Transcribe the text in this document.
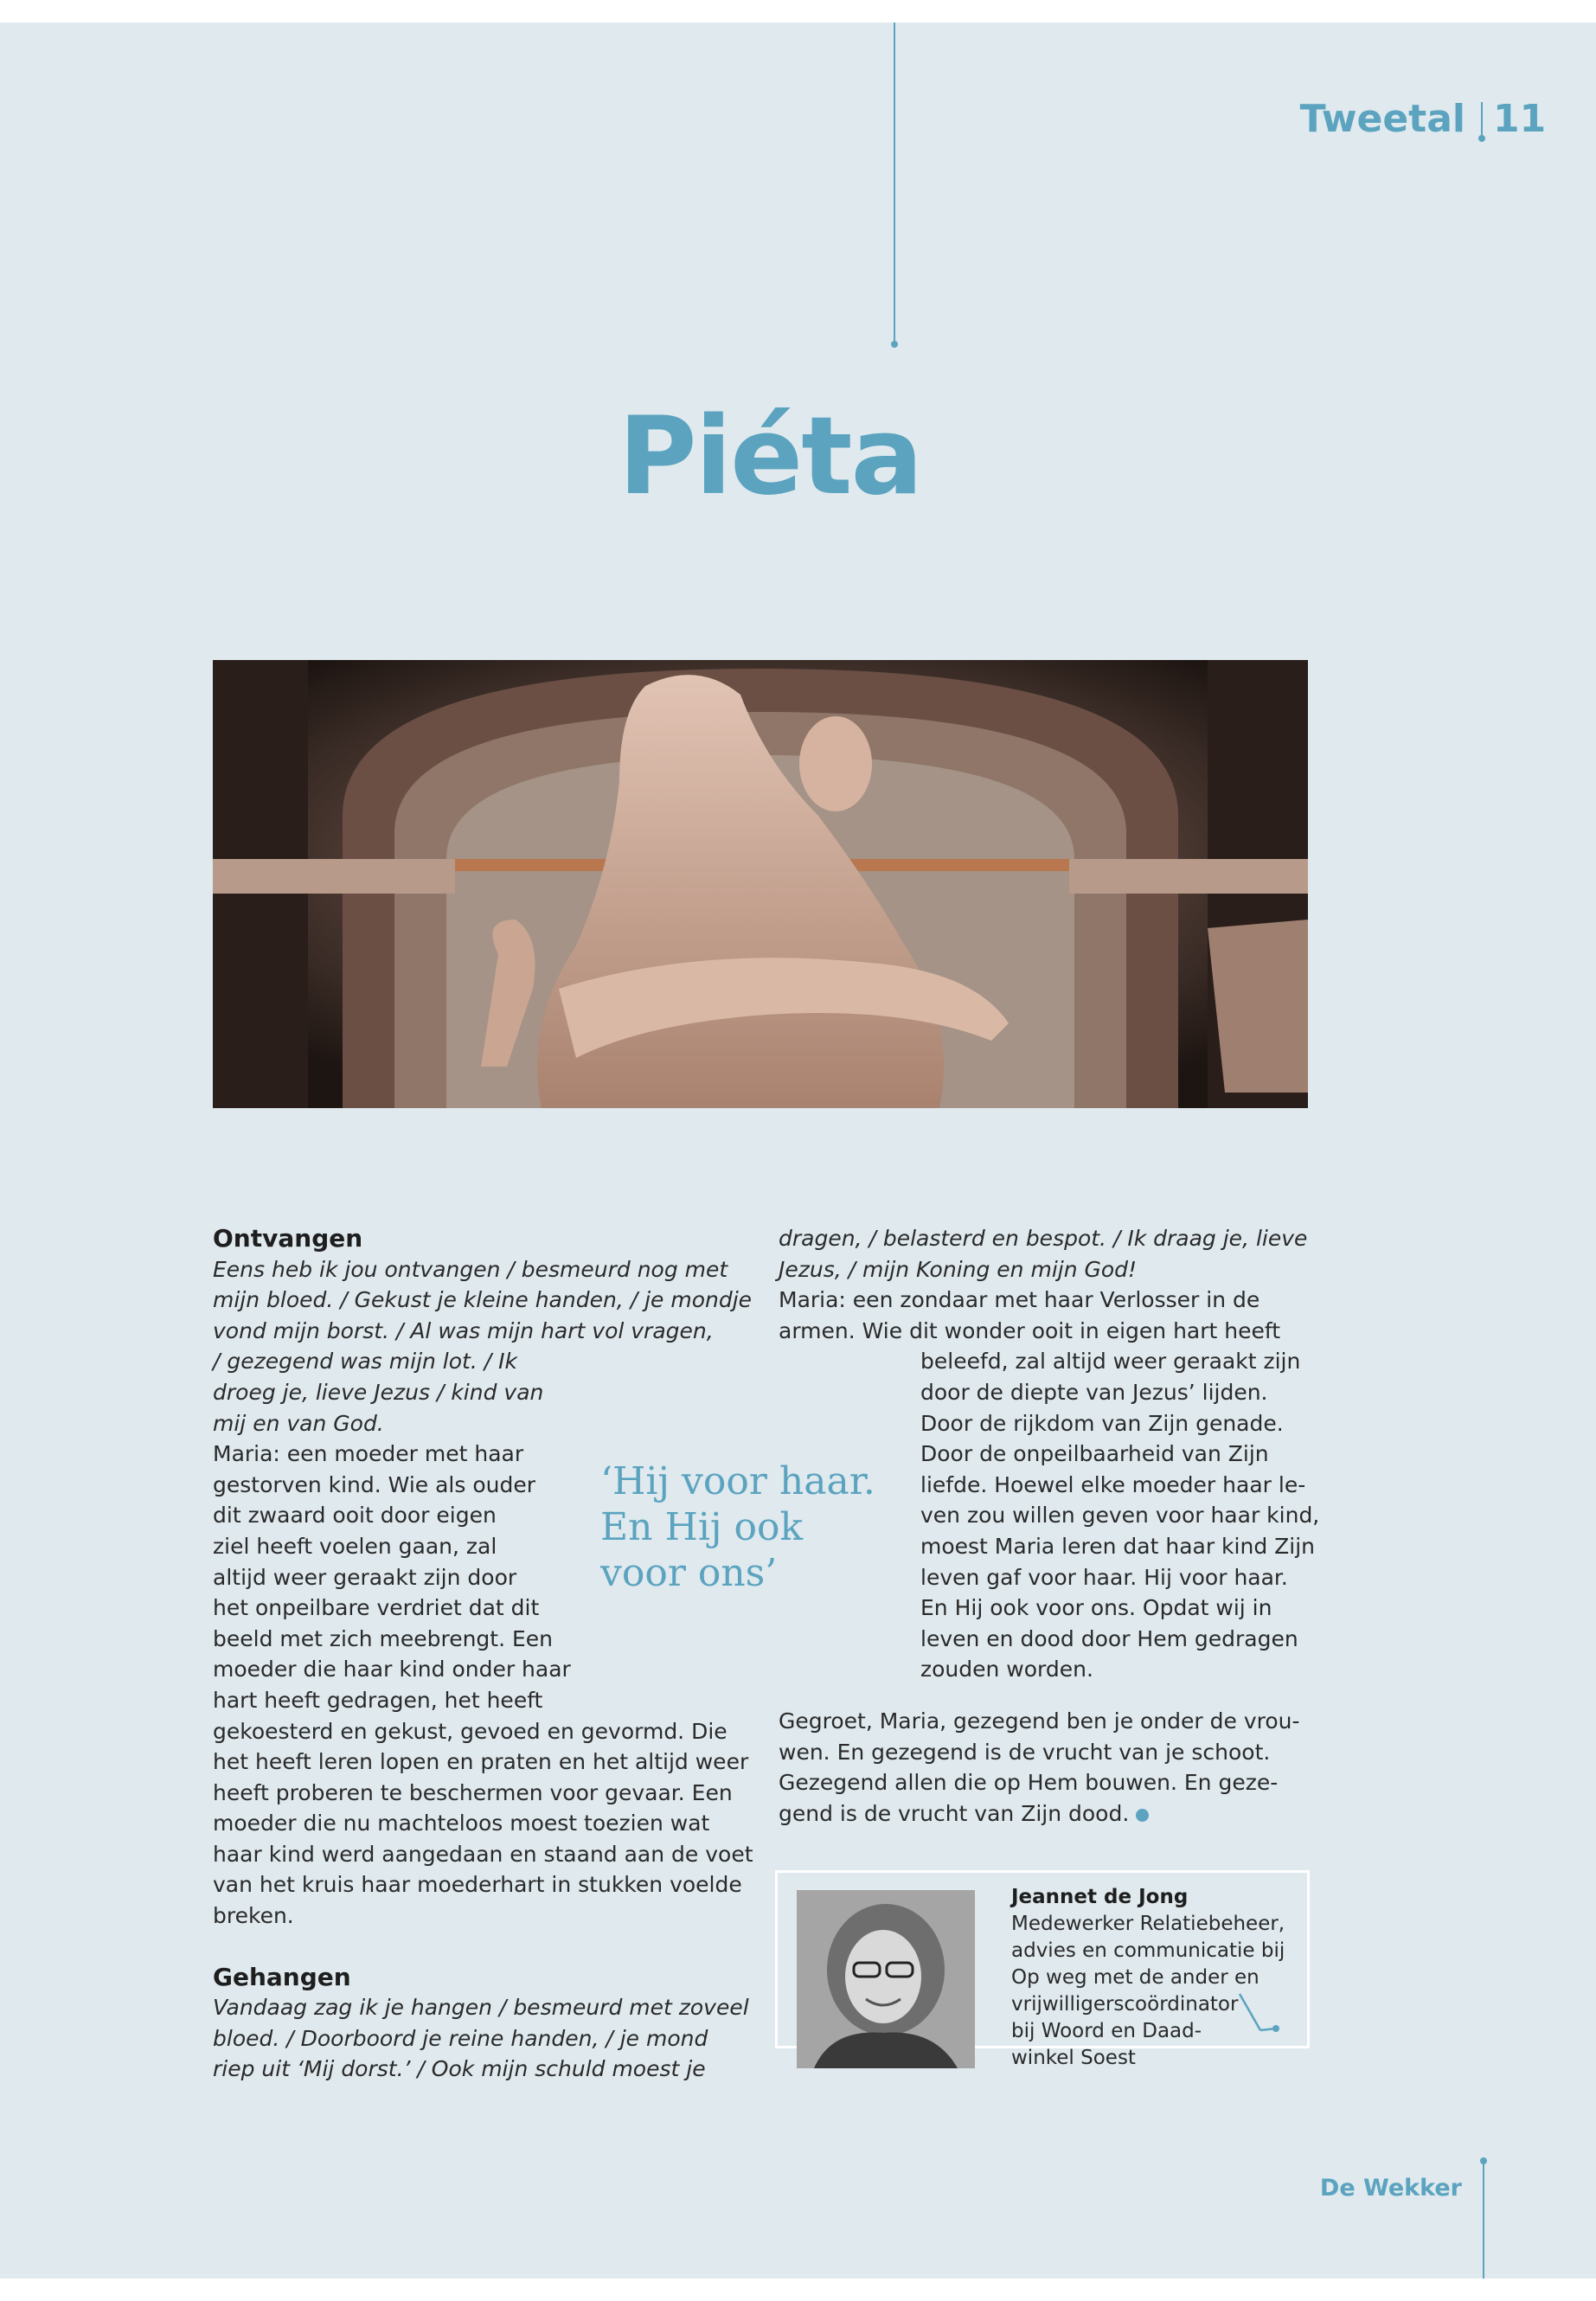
Tweetal 11
Piéta
Ontvangen
Eens heb ik jou ontvangen / besmeurd nog met
mijn bloed. / Gekust je kleine handen, / je mondje
vond mijn borst. / Al was mijn hart vol vragen,
/ gezegend was mijn lot. / Ik
droeg je, lieve Jezus / kind van
mij en van God.
Maria: een moeder met haar
gestorven kind. Wie als ouder
dit zwaard ooit door eigen
ziel heeft voelen gaan, zal
altijd weer geraakt zijn door
het onpeilbare verdriet dat dit
beeld met zich meebrengt. Een
moeder die haar kind onder haar
hart heeft gedragen, het heeft
gekoesterd en gekust, gevoed en gevormd. Die
het heeft leren lopen en praten en het altijd weer
heeft proberen te beschermen voor gevaar. Een
moeder die nu machteloos moest toezien wat
haar kind werd aangedaan en staand aan de voet
van het kruis haar moederhart in stukken voelde
breken.
Gehangen
Vandaag zag ik je hangen / besmeurd met zoveel
bloed. / Doorboord je reine handen, / je mond
riep uit ‘Mij dorst.’ / Ook mijn schuld moest je
‘Hij voor haar.
En Hij ook
voor ons’
dragen, / belasterd en bespot. / Ik draag je, lieve
Jezus, / mijn Koning en mijn God!
Maria: een zondaar met haar Verlosser in de
armen. Wie dit wonder ooit in eigen hart heeft
beleefd, zal altijd weer geraakt zijn
door de diepte van Jezus’ lijden.
Door de rijkdom van Zijn genade.
Door de onpeilbaarheid van Zijn
liefde. Hoewel elke moeder haar le-
ven zou willen geven voor haar kind,
moest Maria leren dat haar kind Zijn
leven gaf voor haar. Hij voor haar.
En Hij ook voor ons. Opdat wij in
leven en dood door Hem gedragen
zouden worden.
Gegroet, Maria, gezegend ben je onder de vrou-
wen. En gezegend is de vrucht van je schoot.
Gezegend allen die op Hem bouwen. En geze-
gend is de vrucht van Zijn dood.
Jeannet de Jong
Medewerker Relatiebeheer,
advies en communicatie bij
Op weg met de ander en
vrijwilligerscoördinator
bij Woord en Daad-
winkel Soest
De Wekker
